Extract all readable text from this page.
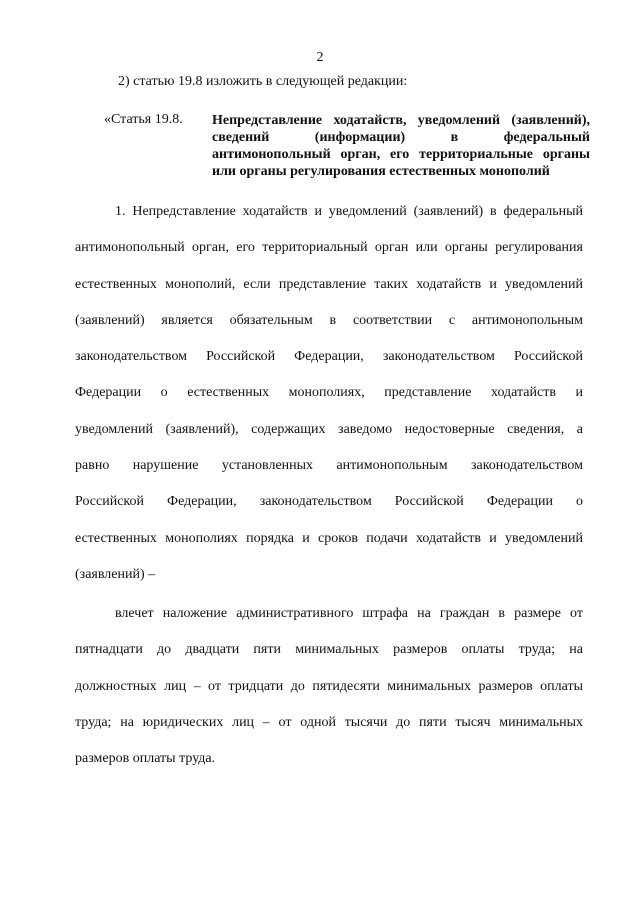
2
2) статью 19.8 изложить в следующей редакции:
«Статья 19.8. Непредставление ходатайств, уведомлений (заявлений),
сведений (информации) в федеральный
антимонопольный орган, его территориальные органы
или органы регулирования естественных монополий
1. Непредставление ходатайств и уведомлений (заявлений) в федеральный
антимонопольный орган, его территориальный орган или органы регулирования
естественных монополий, если представление таких ходатайств и уведомлений
(заявлений) является обязательным в соответствии с антимонопольным
законодательством Российской Федерации, законодательством Российской
Федерации о естественных монополиях, представление ходатайств и
уведомлений (заявлений), содержащих заведомо недостоверные сведения, а
равно нарушение установленных антимонопольным законодательством
Российской Федерации, законодательством Российской Федерации о
естественных монополиях порядка и сроков подачи ходатайств и уведомлений
(заявлений) –
влечет наложение административного штрафа на граждан в размере от
пятнадцати до двадцати пяти минимальных размеров оплаты труда; на
должностных лиц – от тридцати до пятидесяти минимальных размеров оплаты
труда; на юридических лиц – от одной тысячи до пяти тысяч минимальных
размеров оплаты труда.
